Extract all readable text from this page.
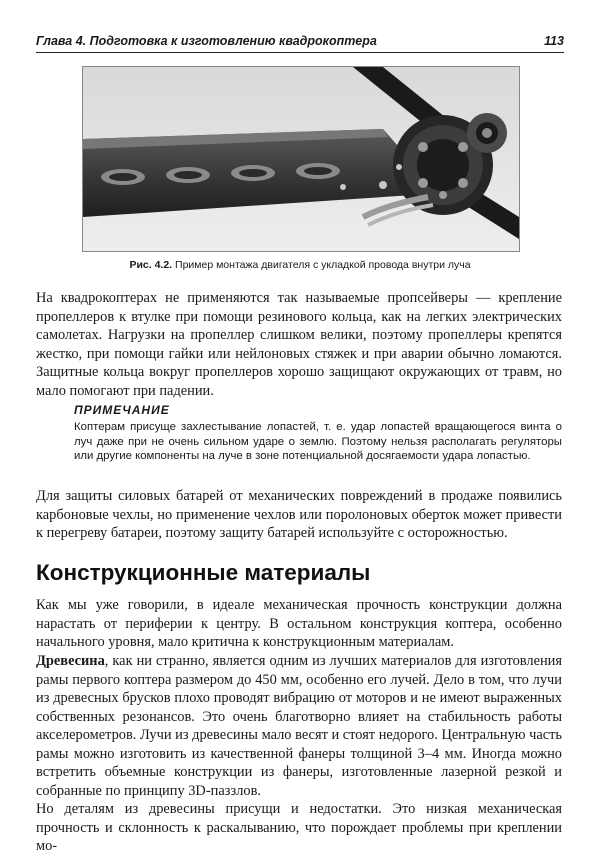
Глава 4. Подготовка к изготовлению квадрокоптера	113
Рис. 4.2. Пример монтажа двигателя с укладкой провода внутри луча

На квадрокоптерах не применяются так называемые пропсейверы — крепление пропеллеров к втулке при помощи резинового кольца, как на легких электрических самолетах. Нагрузки на пропеллер слишком велики, поэтому пропеллеры крепятся жестко, при помощи гайки или нейлоновых стяжек и при аварии обычно ломаются. Защитные кольца вокруг пропеллеров хорошо защищают окружающих от травм, но мало помогают при падении.

ПРИМЕЧАНИЕ

Коптерам присуще захлестывание лопастей, т. е. удар лопастей вращающегося винта о луч даже при не очень сильном ударе о землю. Поэтому нельзя располагать регуляторы или другие компоненты на луче в зоне потенциальной досягаемости удара лопастью.

Для защиты силовых батарей от механических повреждений в продаже появились карбоновые чехлы, но применение чехлов или поролоновых оберток может привести к перегреву батареи, поэтому защиту батарей используйте с осторожностью.

Конструкционные материалы

Как мы уже говорили, в идеале механическая прочность конструкции должна нарастать от периферии к центру. В остальном конструкция коптера, особенно начального уровня, мало критична к конструкционным материалам.

Древесина, как ни странно, является одним из лучших материалов для изготовления рамы первого коптера размером до 450 мм, особенно его лучей. Дело в том, что лучи из древесных брусков плохо проводят вибрацию от моторов и не имеют выраженных собственных резонансов. Это очень благотворно влияет на стабильность работы акселерометров. Лучи из древесины мало весят и стоят недорого. Центральную часть рамы можно изготовить из качественной фанеры толщиной 3–4 мм. Иногда можно встретить объемные конструкции из фанеры, изготовленные лазерной резкой и собранные по принципу 3D-паззлов.

Но деталям из древесины присущи и недостатки. Это низкая механическая прочность и склонность к раскалыванию, что порождает проблемы при креплении мо-
